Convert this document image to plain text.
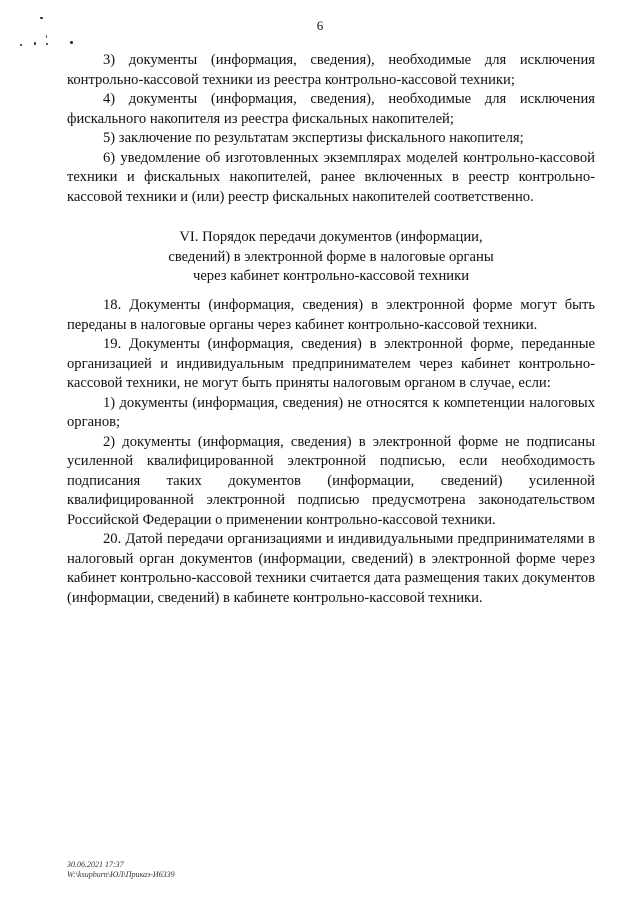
6

3) документы (информация, сведения), необходимые для исключения контрольно-кассовой техники из реестра контрольно-кассовой техники;

4) документы (информация, сведения), необходимые для исключения фискального накопителя из реестра фискальных накопителей;

5) заключение по результатам экспертизы фискального накопителя;

6) уведомление об изготовленных экземплярах моделей контрольно-кассовой техники и фискальных накопителей, ранее включенных в реестр контрольно-кассовой техники и (или) реестр фискальных накопителей соответственно.

VI. Порядок передачи документов (информации,
сведений) в электронной форме в налоговые органы
через кабинет контрольно-кассовой техники

18. Документы (информация, сведения) в электронной форме могут быть переданы в налоговые органы через кабинет контрольно-кассовой техники.

19. Документы (информация, сведения) в электронной форме, переданные организацией и индивидуальным предпринимателем через кабинет контрольно-кассовой техники, не могут быть приняты налоговым органом в случае, если:

1) документы (информация, сведения) не относятся к компетенции налоговых органов;

2) документы (информация, сведения) в электронной форме не подписаны усиленной квалифицированной электронной подписью, если необходимость подписания таких документов (информации, сведений) усиленной квалифицированной электронной подписью предусмотрена законодательством Российской Федерации о применении контрольно-кассовой техники.

20. Датой передачи организациями и индивидуальными предпринимателями в налоговый орган документов (информации, сведений) в электронной форме через кабинет контрольно-кассовой техники считается дата размещения таких документов (информации, сведений) в кабинете контрольно-кассовой техники.

30.06.2021 17:37
W:\ksupburn\ЮЛ\Приказ-И6339
